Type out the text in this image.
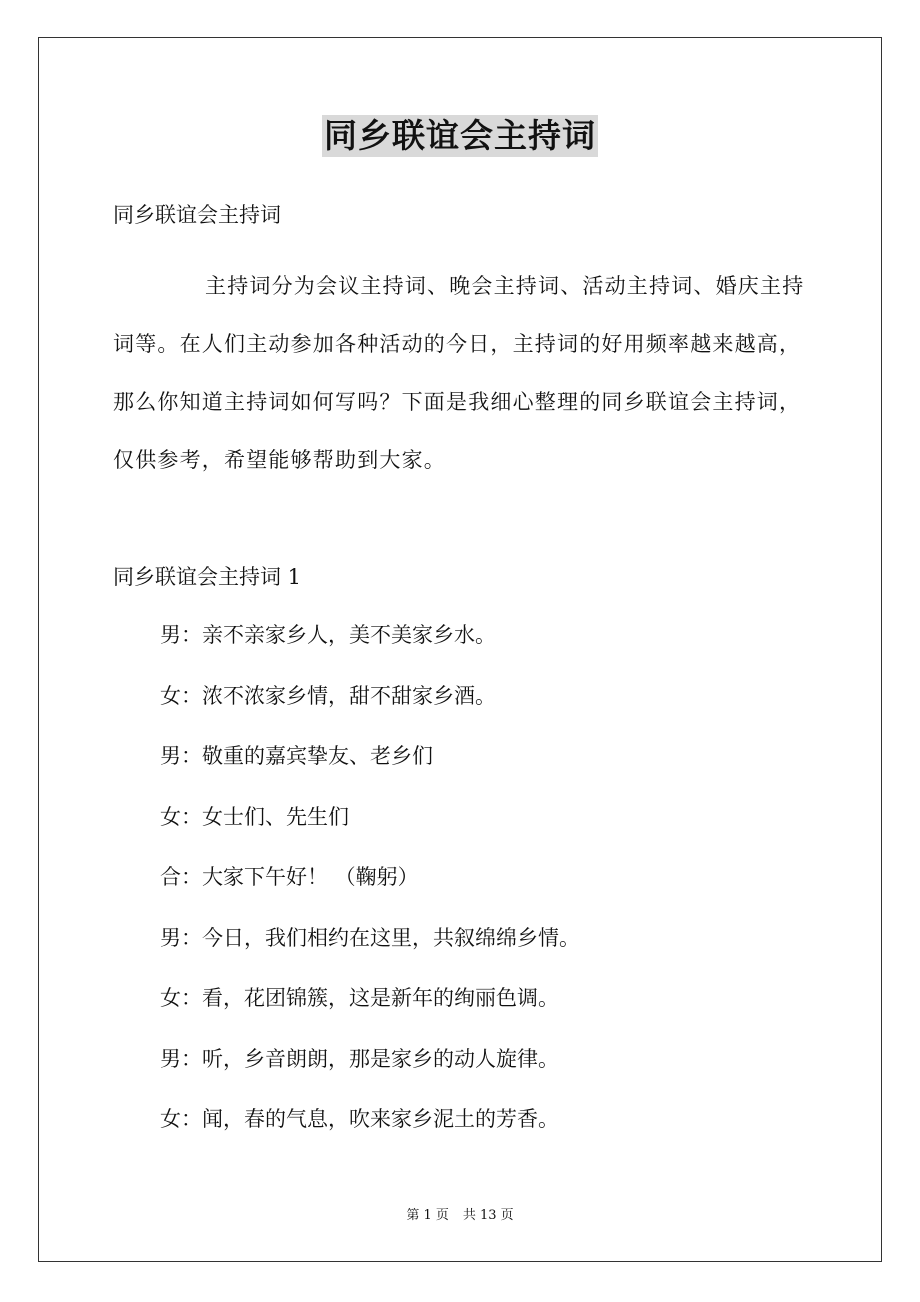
同乡联谊会主持词

同乡联谊会主持词

主持词分为会议主持词、晚会主持词、活动主持词、婚庆主持词等。在人们主动参加各种活动的今日，主持词的好用频率越来越高，那么你知道主持词如何写吗？下面是我细心整理的同乡联谊会主持词，仅供参考，希望能够帮助到大家。

同乡联谊会主持词 1

男：亲不亲家乡人，美不美家乡水。
女：浓不浓家乡情，甜不甜家乡酒。
男：敬重的嘉宾挚友、老乡们
女：女士们、先生们
合：大家下午好！ （鞠躬）
男：今日，我们相约在这里，共叙绵绵乡情。
女：看，花团锦簇，这是新年的绚丽色调。
男：听，乡音朗朗，那是家乡的动人旋律。
女：闻，春的气息，吹来家乡泥土的芳香。
第 1 页 共 13 页
